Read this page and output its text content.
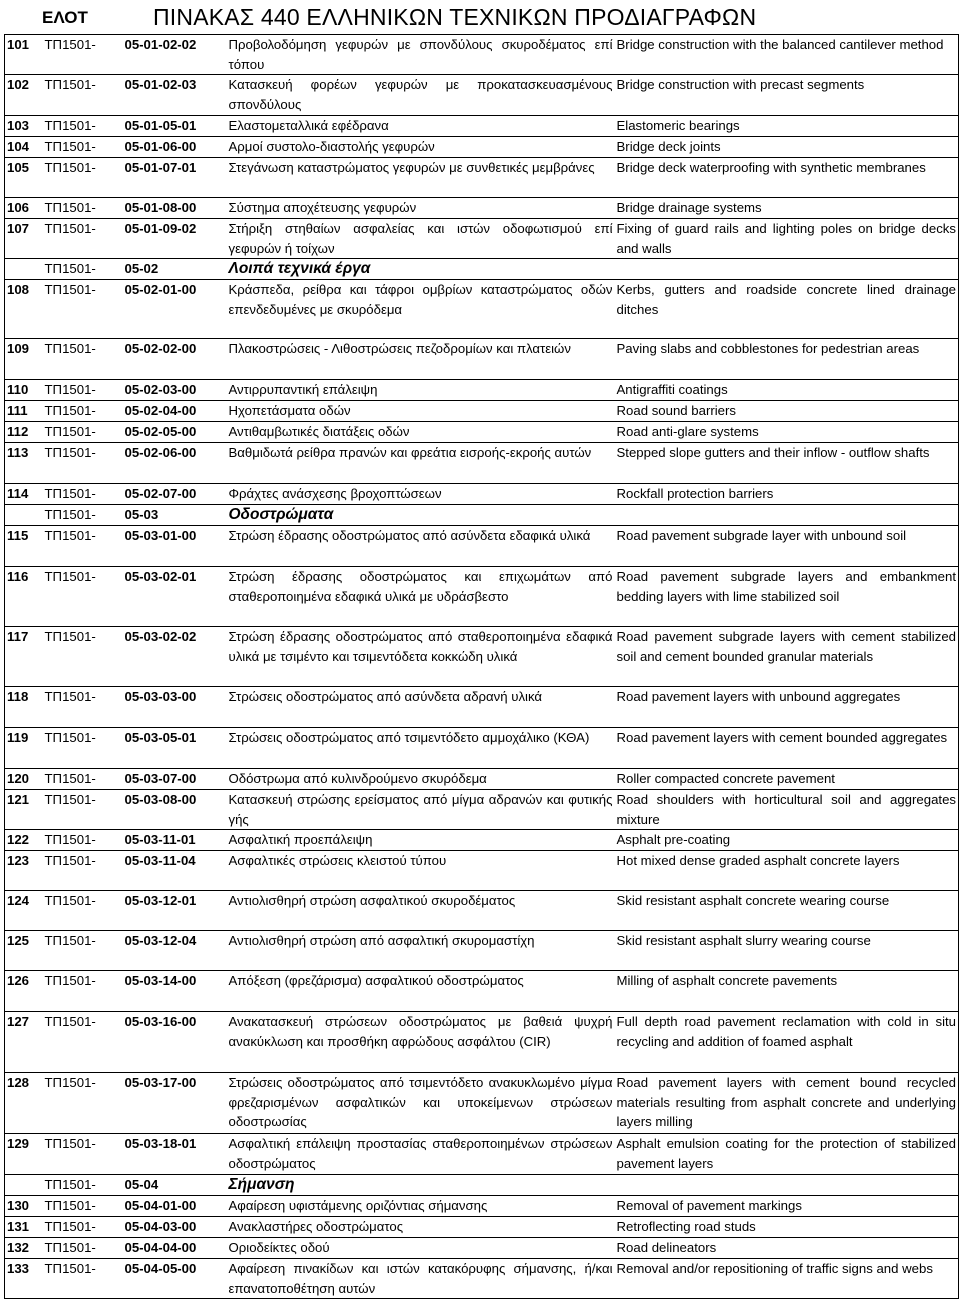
ΕΛΟΤ	ΠΙΝΑΚΑΣ 440 ΕΛΛΗΝΙΚΩΝ ΤΕΧΝΙΚΩΝ ΠΡΟΔΙΑΓΡΑΦΩΝ
101	ΤΠ1501-	05-01-02-02	Προβολοδόμηση γεφυρών με σπονδύλους σκυροδέματος επί τόπου	Bridge construction with the balanced cantilever method
102	ΤΠ1501-	05-01-02-03	Κατασκευή φορέων γεφυρών με προκατασκευασμένους σπονδύλους	Bridge construction with precast segments
103	ΤΠ1501-	05-01-05-01	Ελαστομεταλλικά εφέδρανα	Elastomeric bearings
104	ΤΠ1501-	05-01-06-00	Αρμοί συστολο-διαστολής γεφυρών	Bridge deck joints
105	ΤΠ1501-	05-01-07-01	Στεγάνωση καταστρώματος γεφυρών με συνθετικές μεμβράνες	Bridge deck waterproofing with synthetic membranes
106	ΤΠ1501-	05-01-08-00	Σύστημα αποχέτευσης γεφυρών	Bridge drainage systems
107	ΤΠ1501-	05-01-09-02	Στήριξη στηθαίων ασφαλείας και ιστών οδοφωτισμού επί γεφυρών ή τοίχων	Fixing of guard rails and lighting poles on bridge decks and walls
	ΤΠ1501-	05-02	Λοιπά τεχνικά έργα	
108	ΤΠ1501-	05-02-01-00	Κράσπεδα, ρείθρα και τάφροι ομβρίων καταστρώματος οδών επενδεδυμένες με σκυρόδεμα	Kerbs, gutters and roadside concrete lined drainage ditches
109	ΤΠ1501-	05-02-02-00	Πλακοστρώσεις - Λιθοστρώσεις πεζοδρομίων και πλατειών	Paving slabs and cobblestones for pedestrian areas
110	ΤΠ1501-	05-02-03-00	Αντιρρυπαντική επάλειψη	Antigraffiti coatings
111	ΤΠ1501-	05-02-04-00	Ηχοπετάσματα οδών	Road sound barriers
112	ΤΠ1501-	05-02-05-00	Αντιθαμβωτικές διατάξεις οδών	Road anti-glare systems
113	ΤΠ1501-	05-02-06-00	Βαθμιδωτά ρείθρα πρανών και φρεάτια εισροής-εκροής αυτών	Stepped slope gutters and their inflow - outflow shafts
114	ΤΠ1501-	05-02-07-00	Φράχτες ανάσχεσης βροχοπτώσεων	Rockfall protection barriers
	ΤΠ1501-	05-03	Οδοστρώματα	
115	ΤΠ1501-	05-03-01-00	Στρώση έδρασης οδοστρώματος από ασύνδετα εδαφικά υλικά	Road pavement subgrade layer with unbound soil
116	ΤΠ1501-	05-03-02-01	Στρώση έδρασης οδοστρώματος και επιχωμάτων από σταθεροποιημένα εδαφικά υλικά με υδράσβεστο	Road pavement subgrade layers and embankment bedding layers with lime stabilized soil
117	ΤΠ1501-	05-03-02-02	Στρώση έδρασης οδοστρώματος από σταθεροποιημένα εδαφικά υλικά με τσιμέντο και τσιμεντόδετα κοκκώδη υλικά	Road pavement subgrade layers with cement stabilized soil and cement bounded granular materials
118	ΤΠ1501-	05-03-03-00	Στρώσεις οδοστρώματος από ασύνδετα αδρανή υλικά	Road pavement layers with unbound aggregates
119	ΤΠ1501-	05-03-05-01	Στρώσεις οδοστρώματος από τσιμεντόδετο αμμοχάλικο (ΚΘΑ)	Road pavement layers with cement bounded aggregates
120	ΤΠ1501-	05-03-07-00	Οδόστρωμα από κυλινδρούμενο σκυρόδεμα	Roller compacted concrete pavement
121	ΤΠ1501-	05-03-08-00	Κατασκευή στρώσης ερείσματος από μίγμα αδρανών και φυτικής γής	Road shoulders with horticultural soil and aggregates mixture
122	ΤΠ1501-	05-03-11-01	Ασφαλτική προεπάλειψη	Asphalt pre-coating
123	ΤΠ1501-	05-03-11-04	Ασφαλτικές στρώσεις κλειστού τύπου	Hot mixed dense graded asphalt concrete layers
124	ΤΠ1501-	05-03-12-01	Αντιολισθηρή στρώση ασφαλτικού σκυροδέματος	Skid resistant asphalt concrete wearing course
125	ΤΠ1501-	05-03-12-04	Αντιολισθηρή στρώση από ασφαλτική σκυρομαστίχη	Skid resistant asphalt slurry wearing course
126	ΤΠ1501-	05-03-14-00	Απόξεση (φρεζάρισμα) ασφαλτικού οδοστρώματος	Milling of asphalt concrete pavements
127	ΤΠ1501-	05-03-16-00	Ανακατασκευή στρώσεων οδοστρώματος με βαθειά ψυχρή ανακύκλωση και προσθήκη αφρώδους ασφάλτου (CIR)	Full depth road pavement reclamation with cold in situ recycling and addition of foamed asphalt
128	ΤΠ1501-	05-03-17-00	Στρώσεις οδοστρώματος από τσιμεντόδετο ανακυκλωμένο μίγμα φρεζαρισμένων ασφαλτικών και υποκείμενων στρώσεων οδοστρωσίας	Road pavement layers with cement bound recycled materials resulting from asphalt concrete and underlying layers milling
129	ΤΠ1501-	05-03-18-01	Ασφαλτική επάλειψη προστασίας σταθεροποιημένων στρώσεων οδοστρώματος	Asphalt emulsion coating for the protection of stabilized pavement layers
	ΤΠ1501-	05-04	Σήμανση	
130	ΤΠ1501-	05-04-01-00	Αφαίρεση υφιστάμενης οριζόντιας σήμανσης	Removal of pavement markings
131	ΤΠ1501-	05-04-03-00	Ανακλαστήρες οδοστρώματος	Retroflecting road studs
132	ΤΠ1501-	05-04-04-00	Οριοδείκτες οδού	Road delineators
133	ΤΠ1501-	05-04-05-00	Αφαίρεση πινακίδων και ιστών κατακόρυφης σήμανσης, ή/και επανατοποθέτηση αυτών	Removal and/or repositioning of traffic signs and webs
